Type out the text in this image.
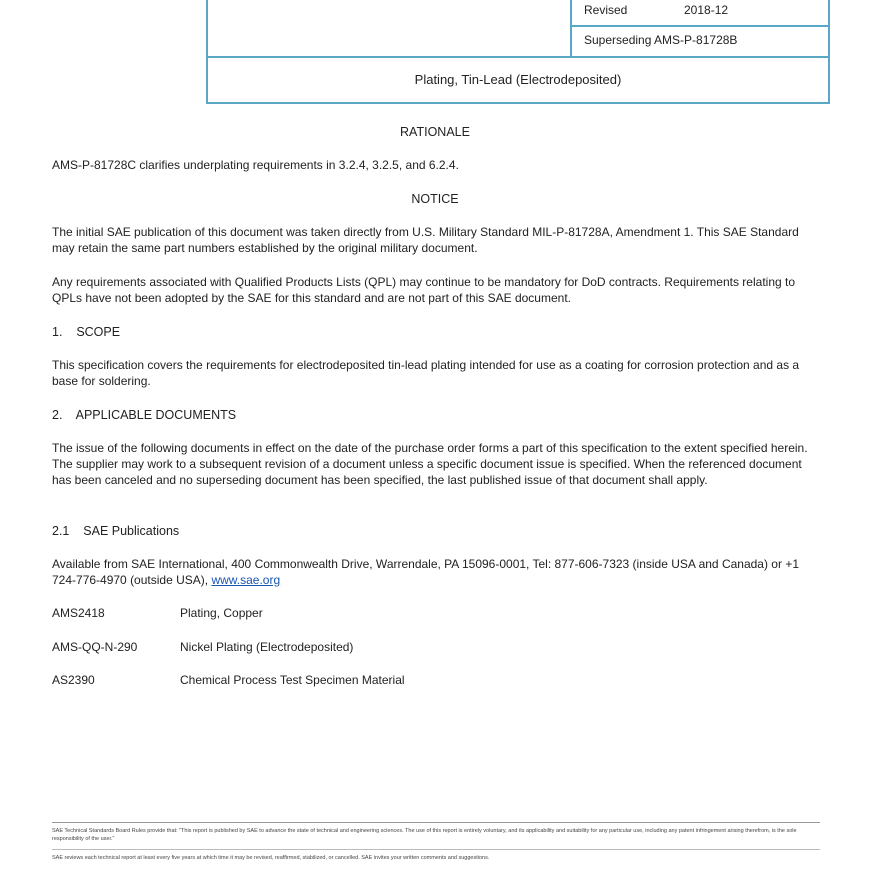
Revised	2018-12
Superseding AMS-P-81728B
Plating, Tin-Lead (Electrodeposited)
RATIONALE
AMS-P-81728C clarifies underplating requirements in 3.2.4, 3.2.5, and 6.2.4.
NOTICE
The initial SAE publication of this document was taken directly from U.S. Military Standard MIL-P-81728A, Amendment 1. This SAE Standard may retain the same part numbers established by the original military document.
Any requirements associated with Qualified Products Lists (QPL) may continue to be mandatory for DoD contracts. Requirements relating to QPLs have not been adopted by the SAE for this standard and are not part of this SAE document.
1.    SCOPE
This specification covers the requirements for electrodeposited tin-lead plating intended for use as a coating for corrosion protection and as a base for soldering.
2.    APPLICABLE DOCUMENTS
The issue of the following documents in effect on the date of the purchase order forms a part of this specification to the extent specified herein. The supplier may work to a subsequent revision of a document unless a specific document issue is specified. When the referenced document has been canceled and no superseding document has been specified, the last published issue of that document shall apply.
2.1    SAE Publications
Available from SAE International, 400 Commonwealth Drive, Warrendale, PA 15096-0001, Tel: 877-606-7323 (inside USA and Canada) or +1 724-776-4970 (outside USA), www.sae.org
AMS2418	Plating, Copper
AMS-QQ-N-290	Nickel Plating (Electrodeposited)
AS2390	Chemical Process Test Specimen Material
SAE Technical Standards Board Rules provide that: "This report is published by SAE to advance the state of technical and engineering sciences. The use of this report is entirely voluntary, and its applicability and suitability for any particular use, including any patent infringement arising therefrom, is the sole responsibility of the user."
SAE reviews each technical report at least every five years at which time it may be revised, reaffirmed, stabilized, or cancelled. SAE invites your written comments and suggestions.
